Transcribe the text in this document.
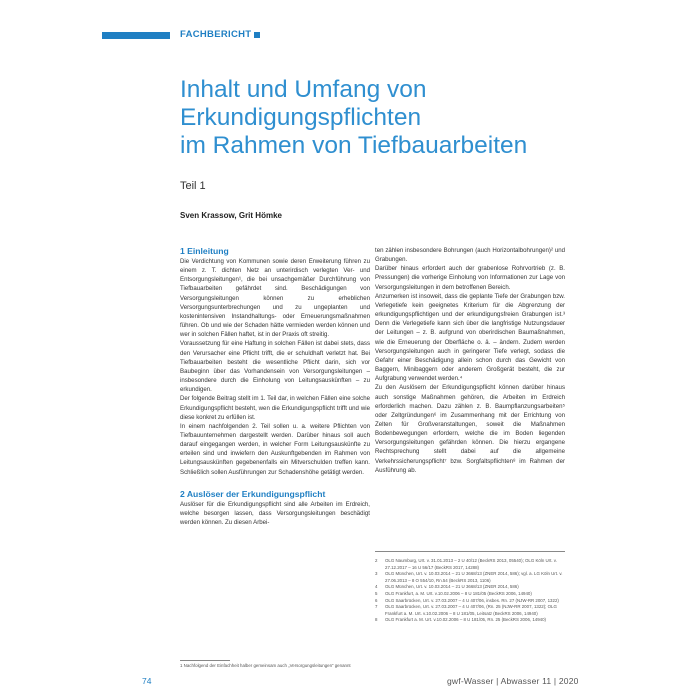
FACHBERICHT
Inhalt und Umfang von
Erkundigungspflichten
im Rahmen von Tiefbauarbeiten
Teil 1
Sven Krassow, Grit Hömke

1 Einleitung

Die Verdichtung von Kommunen sowie deren Erweiterung führen zu einem z. T. dichten Netz an unterirdisch verlegten Ver- und Entsorgungsleitungen¹, die bei unsachgemäßer Durchführung von Tiefbauarbeiten gefährdet sind. Beschädigungen von Versorgungsleitungen können zu erheblichen Versorgungsunterbrechungen und zu ungeplanten und kostenintensiven Instandhaltungs- oder Erneuerungsmaßnahmen führen. Ob und wie der Schaden hätte vermieden werden können und wer in solchen Fällen haftet, ist in der Praxis oft streitig.

Voraussetzung für eine Haftung in solchen Fällen ist dabei stets, dass den Verursacher eine Pflicht trifft, die er schuldhaft verletzt hat. Bei Tiefbauarbeiten besteht die wesentliche Pflicht darin, sich vor Baubeginn über das Vorhandensein von Versorgungsleitungen – insbesondere durch die Einholung von Leitungsauskünften – zu erkundigen.

Der folgende Beitrag stellt im 1. Teil dar, in welchen Fällen eine solche Erkundigungspflicht besteht, wen die Erkundigungspflicht trifft und wie diese konkret zu erfüllen ist.

In einem nachfolgenden 2. Teil sollen u. a. weitere Pflichten von Tiefbauunternehmen dargestellt werden. Darüber hinaus soll auch darauf eingegangen werden, in welcher Form Leitungsauskünfte zu erteilen sind und inwiefern den Auskunftgebenden im Rahmen von Leitungsauskünften gegebenenfalls ein Mitverschulden treffen kann. Schließlich sollen Ausführungen zur Schadenshöhe getätigt werden.

2 Auslöser der Erkundigungspflicht

Auslöser für die Erkundigungspflicht sind alle Arbeiten im Erdreich, welche besorgen lassen, dass Versorgungsleitungen beschädigt werden können. Zu diesen Arbei-

ten zählen insbesondere Bohrungen (auch Horizontalbohrungen)² und Grabungen.

Darüber hinaus erfordert auch der grabenlose Rohrvortrieb (z. B. Pressungen) die vorherige Einholung von Informationen zur Lage von Versorgungsleitungen in dem betroffenen Bereich.

Anzumerken ist insoweit, dass die geplante Tiefe der Grabungen bzw. Verlegetiefe kein geeignetes Kriterium für die Abgrenzung der erkundigungspflichtigen und der erkundigungsfreien Grabungen ist.³ Denn die Verlegetiefe kann sich über die langfristige Nutzungsdauer der Leitungen – z. B. aufgrund von oberirdischen Baumaßnahmen, wie die Erneuerung der Oberfläche o. ä. – ändern. Zudem werden Versorgungsleitungen auch in geringerer Tiefe verlegt, sodass die Gefahr einer Beschädigung allein schon durch das Gewicht von Baggern, Minibaggern oder anderem Großgerät besteht, die zur Aufgrabung verwendet werden.⁴

Zu den Auslösern der Erkundigungspflicht können darüber hinaus auch sonstige Maßnahmen gehören, die Arbeiten im Erdreich erforderlich machen. Dazu zählen z. B. Baumpflanzungsarbeiten⁵ oder Zeltgründungen⁶ im Zusammenhang mit der Errichtung von Zelten für Großveranstaltungen, soweit die Maßnahmen Bodenbewegungen erfordern, welche die im Boden liegenden Versorgungsleitungen gefährden können. Die hierzu ergangene Rechtsprechung stellt dabei auf die allgemeine Verkehrssicherungspflicht⁷ bzw. Sorgfaltspflichten⁸ im Rahmen der Ausführung ab.

2	OLG Naumburg, Urt. v. 31.01.2013 – 2 U 40/12 (BeckRS 2013, 05540); OLG Köln Urt. v. 27.12.2017 – 16 U 56/17 (BeckRS 2017, 14288)
3	OLG München, Urt. v. 10.03.2014 – 21 U 3668/13 (ZNER 2014, 586); vgl. a. LG Köln Urt. v. 27.06.2013 – 8 O 554/10, Rn.54 (BeckRS 2013, 1106)
4	OLG München, Urt. v. 10.03.2014 – 21 U 3668/13 (ZNER 2014, 586)
5	OLG Frankfurt, a. M. Urt. v.10.02.2006 – 8 U 181/05 (BeckRS 2006, 14940)
6	OLG Saarbrücken, Urt. v. 27.03.2007 – 4 U 407/06, insbes. Rn. 27 (NJW-RR 2007, 1322)
7	OLG Saarbrücken, Urt. v. 27.03.2007 – 4 U 407/06, (Rn. 25 (NJW-RR 2007, 1322); OLG Frankfurt a. M. Urt. v.10.02.2006 – 8 U 181/05, Leitsatz (BeckRS 2006, 14940)
8	OLG Frankfurt a. M. Urt. v.10.02.2006 – 8 U 181/05, Rn. 25 (BeckRS 2006, 14940)
1 Nachfolgend der Einfachheit halber gemeinsam auch „Versorgungsleitungen“ genannt
74	gwf-Wasser | Abwasser 11 | 2020
